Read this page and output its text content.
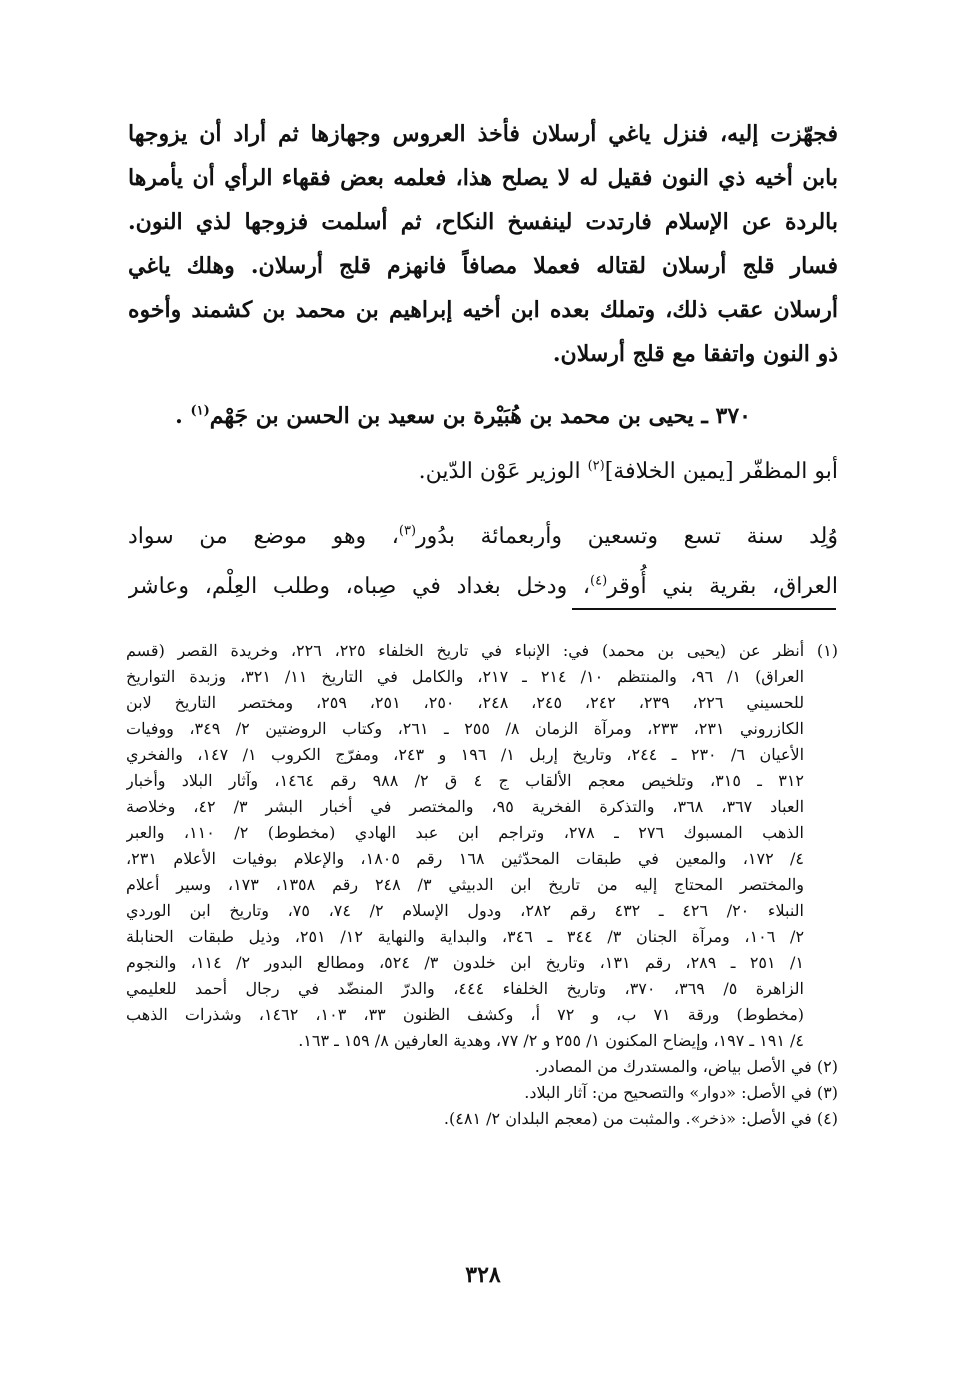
فجهّزت إليه، فنزل ياغي أرسلان فأخذ العروس وجهازها ثم أراد أن يزوجها
بابن أخيه ذي النون فقيل له لا يصلح هذا، فعلمه بعض فقهاء الرأي أن يأمرها
بالردة عن الإسلام فارتدت لينفسخ النكاح، ثم أسلمت فزوجها لذي النون.
فسار قلج أرسلان لقتاله فعملا مصافاً فانهزم قلج أرسلان. وهلك ياغي
أرسلان عقب ذلك، وتملك بعده ابن أخيه إبراهيم بن محمد بن كشمند وأخوه
ذو النون واتفقا مع قلج أرسلان.
٣٧٠ ـ يحيى بن محمد بن هُبَيْرة بن سعيد بن الحسن بن جَهْم$^{(١)}$ .
أبو المظفّر [يمين الخلافة]$^{(٢)}$ الوزير عَوْن الدّين.
وُلِد سنة تسع وتسعين وأربعمائة بدُور$^{(٣)}$، وهو موضع من سواد
العراق، بقرية بني أُوقر$^{(٤)}$، ودخل بغداد في صِباه، وطلب العِلْم، وعاشر
(١) أنظر عن (يحيى بن محمد) في: الإنباء في تاريخ الخلفاء ٢٢٥، ٢٢٦، وخريدة القصر (قسم
العراق) ١/ ٩٦، والمنتظم ١٠/ ٢١٤ ـ ٢١٧، والكامل في التاريخ ١١/ ٣٢١، وزبدة التواريخ
للحسيني ٢٢٦، ٢٣٩، ٢٤٢، ٢٤٥، ٢٤٨، ٢٥٠، ٢٥١، ٢٥٩، ومختصر التاريخ لابن
الكازروني ٢٣١، ٢٣٣، ومرآة الزمان ٨/ ٢٥٥ ـ ٢٦١، وكتاب الروضتين ٢/ ٣٤٩، ووفيات
الأعيان ٦/ ٢٣٠ ـ ٢٤٤، وتاريخ إربل ١/ ١٩٦ و ٢٤٣، ومفرّج الكروب ١/ ١٤٧، والفخري
٣١٢ ـ ٣١٥، وتلخيص معجم الألقاب ج ٤ ق ٢/ ٩٨٨ رقم ١٤٦٤، وآثار البلاد وأخبار
العباد ٣٦٧، ٣٦٨، والتذكرة الفخرية ٩٥، والمختصر في أخبار البشر ٣/ ٤٢، وخلاصة
الذهب المسبوك ٢٧٦ ـ ٢٧٨، وتراجم ابن عبد الهادي (مخطوط) ٢/ ١١٠، والعبر
٤/ ١٧٢، والمعين في طبقات المحدّثين ١٦٨ رقم ١٨٠٥، والإعلام بوفيات الأعلام ٢٣١،
والمختصر المحتاج إليه من تاريخ ابن الدبيثي ٣/ ٢٤٨ رقم ١٣٥٨، ١٧٣، وسير أعلام
النبلاء ٢٠/ ٤٢٦ ـ ٤٣٢ رقم ٢٨٢، ودول الإسلام ٢/ ٧٤، ٧٥، وتاريخ ابن الوردي
٢/ ١٠٦، ومرآة الجنان ٣/ ٣٤٤ ـ ٣٤٦، والبداية والنهاية ١٢/ ٢٥١، وذيل طبقات الحنابلة
١/ ٢٥١ ـ ٢٨٩، رقم ١٣١، وتاريخ ابن خلدون ٣/ ٥٢٤، ومطالع البدور ٢/ ١١٤، والنجوم
الزاهرة ٥/ ٣٦٩، ٣٧٠، وتاريخ الخلفاء ٤٤٤، والدرّ المنضّد في رجال أحمد للعليمي
(مخطوط) ورقة ٧١ ب، و ٧٢ أ، وكشف الظنون ٣٣، ١٠٣، ١٤٦٢، وشذرات الذهب
٤/ ١٩١ ـ ١٩٧، وإيضاح المكنون ١/ ٢٥٥ و ٢/ ٧٧، وهدية العارفين ٨/ ١٥٩ ـ ١٦٣.
(٢) في الأصل بياض، والمستدرك من المصادر.
(٣) في الأصل: «دوار» والتصحيح من: آثار البلاد.
(٤) في الأصل: «ذخر». والمثبت من (معجم البلدان ٢/ ٤٨١).
٣٢٨
